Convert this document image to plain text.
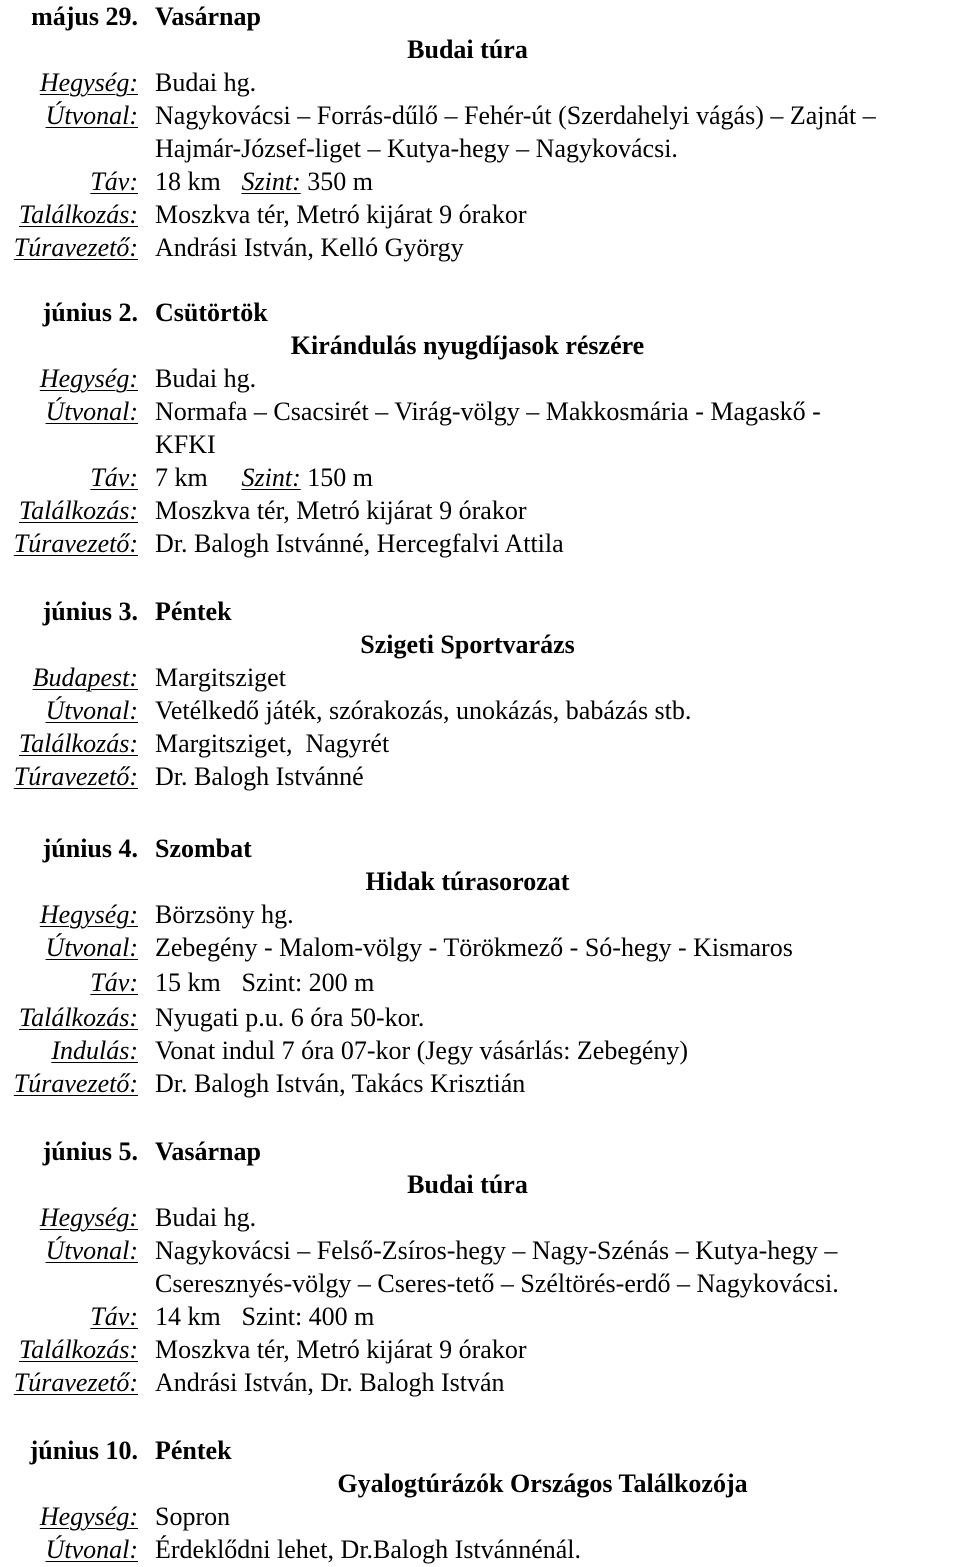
május 29. Vasárnap
Budai túra
Hegység: Budai hg.
Útvonal: Nagykovácsi – Forrás-dűlő – Fehér-út (Szerdahelyi vágás) – Zajnát –
Hajmár-József-liget – Kutya-hegy – Nagykovácsi.
Táv: 18 km Szint: 350 m
Találkozás: Moszkva tér, Metró kijárat 9 órakor
Túravezető: Andrási István, Kelló György
június 2. Csütörtök
Kirándulás nyugdíjasok részére
Hegység: Budai hg.
Útvonal: Normafa – Csacsirét – Virág-völgy – Makkosmária - Magaskő -
KFKI
Táv: 7 km Szint: 150 m
Találkozás: Moszkva tér, Metró kijárat 9 órakor
Túravezető: Dr. Balogh Istvánné, Hercegfalvi Attila
június 3. Péntek
Szigeti Sportvarázs
Budapest: Margitsziget
Útvonal: Vetélkedő játék, szórakozás, unokázás, babázás stb.
Találkozás: Margitsziget,  Nagyrét
Túravezető: Dr. Balogh Istvánné
június 4. Szombat
Hidak túrasorozat
Hegység: Börzsöny hg.
Útvonal: Zebegény - Malom-völgy - Törökmező - Só-hegy - Kismaros
Táv: 15 km Szint: 200 m
Találkozás: Nyugati p.u. 6 óra 50-kor.
Indulás: Vonat indul 7 óra 07-kor (Jegy vásárlás: Zebegény)
Túravezető: Dr. Balogh István, Takács Krisztián
június 5. Vasárnap
Budai túra
Hegység: Budai hg.
Útvonal: Nagykovácsi – Felső-Zsíros-hegy – Nagy-Szénás – Kutya-hegy –
Cseresznyés-völgy – Cseres-tető – Széltörés-erdő – Nagykovácsi.
Táv: 14 km Szint: 400 m
Találkozás: Moszkva tér, Metró kijárat 9 órakor
Túravezető: Andrási István, Dr. Balogh István
június 10. Péntek
Gyalogtúrázók Országos Találkozója
Hegység: Sopron
Útvonal: Érdeklődni lehet, Dr.Balogh Istvánnénál.
